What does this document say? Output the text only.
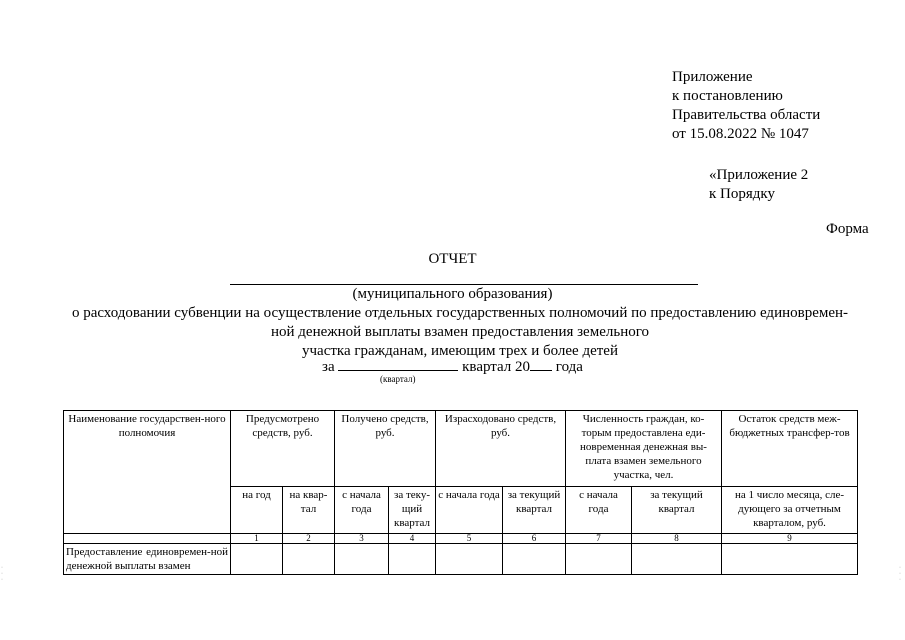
Приложение
к постановлению
Правительства области
от 15.08.2022 № 1047
«Приложение 2
к Порядку
Форма
ОТЧЕТ
(муниципального образования)
о расходовании субвенции на осуществление отдельных государственных полномочий по предоставлению единовремен-
ной денежной выплаты взамен предоставления земельного
участка гражданам, имеющим трех и более детей
за	квартал 20 года
(квартал)
Наименование государствен-ного полномочия	Предусмотрено средств, руб.		Получено средств, руб.		Израсходовано средств, руб.		Численность граждан, ко-торым предоставлена еди-новременная денежная вы-плата взамен земельного участка, чел.		Остаток средств меж-бюджетных трансфер-тов
	на год	на квар-тал	с начала года	за теку-щий квартал	с начала года	за текущий квартал	с начала года	за текущий квартал	на 1 число месяца, сле-дующего за отчетным кварталом, руб.
	1	2	3	4	5	6	7	8	9
Предоставление единовремен-ной денежной выплаты взамен									
·
·
·
·
·
·
